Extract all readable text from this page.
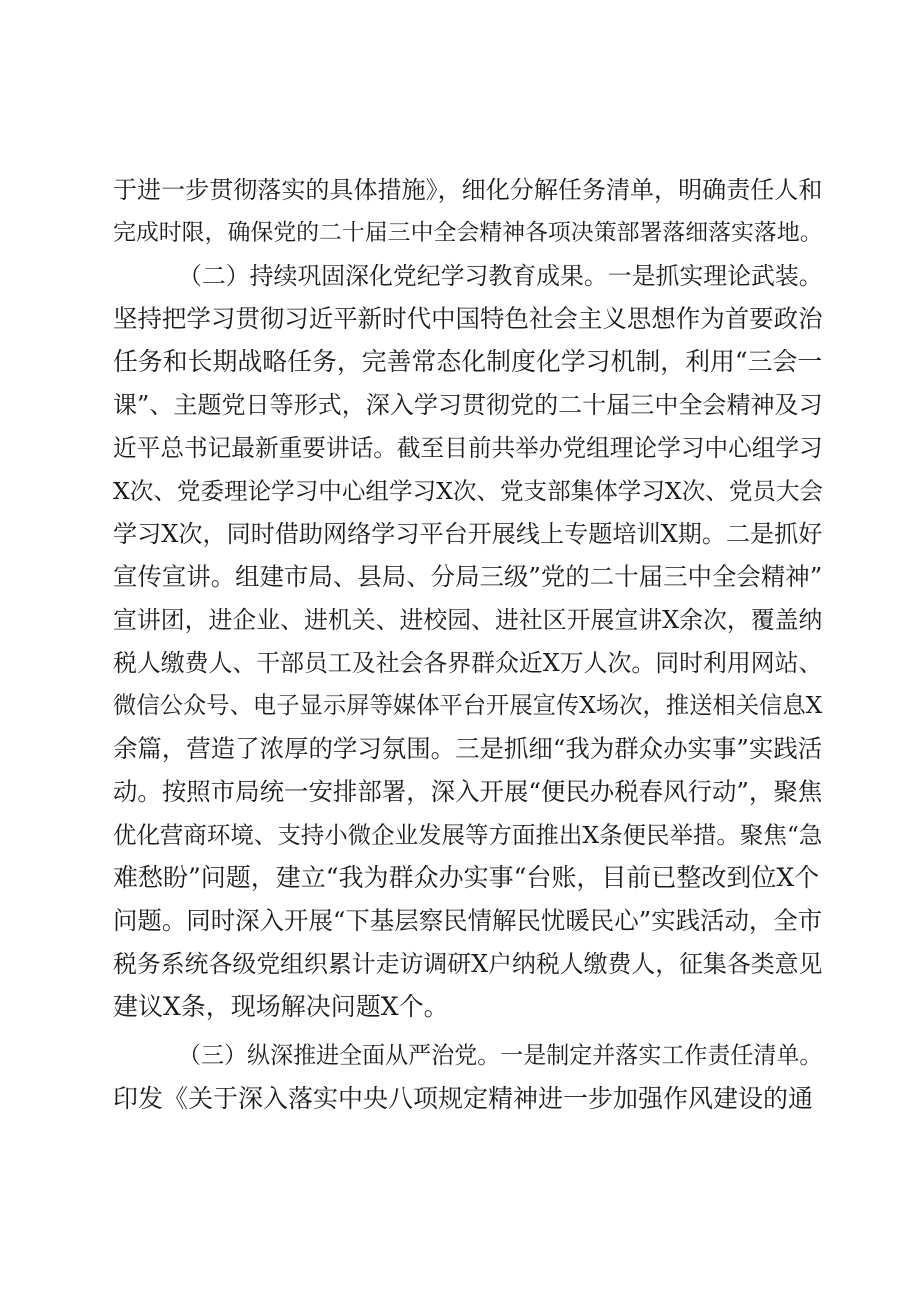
于进一步贯彻落实的具体措施》，细化分解任务清单，明确责任人和
完成时限，确保党的二十届三中全会精神各项决策部署落细落实落地。
（二）持续巩固深化党纪学习教育成果。一是抓实理论武装。
坚持把学习贯彻习近平新时代中国特色社会主义思想作为首要政治
任务和长期战略任务，完善常态化制度化学习机制，利用“三会一
课”、主题党日等形式，深入学习贯彻党的二十届三中全会精神及习
近平总书记最新重要讲话。截至目前共举办党组理论学习中心组学习
X次、党委理论学习中心组学习X次、党支部集体学习X次、党员大会
学习X次，同时借助网络学习平台开展线上专题培训X期。二是抓好
宣传宣讲。组建市局、县局、分局三级”党的二十届三中全会精神”
宣讲团，进企业、进机关、进校园、进社区开展宣讲X余次，覆盖纳
税人缴费人、干部员工及社会各界群众近X万人次。同时利用网站、
微信公众号、电子显示屏等媒体平台开展宣传X场次，推送相关信息X
余篇，营造了浓厚的学习氛围。三是抓细“我为群众办实事”实践活
动。按照市局统一安排部署，深入开展“便民办税春风行动”，聚焦
优化营商环境、支持小微企业发展等方面推出X条便民举措。聚焦“急
难愁盼”问题，建立“我为群众办实事“台账，目前已整改到位X个
问题。同时深入开展“下基层察民情解民忧暖民心”实践活动，全市
税务系统各级党组织累计走访调研X户纳税人缴费人，征集各类意见
建议X条，现场解决问题X个。
（三）纵深推进全面从严治党。一是制定并落实工作责任清单。
印发《关于深入落实中央八项规定精神进一步加强作风建设的通
